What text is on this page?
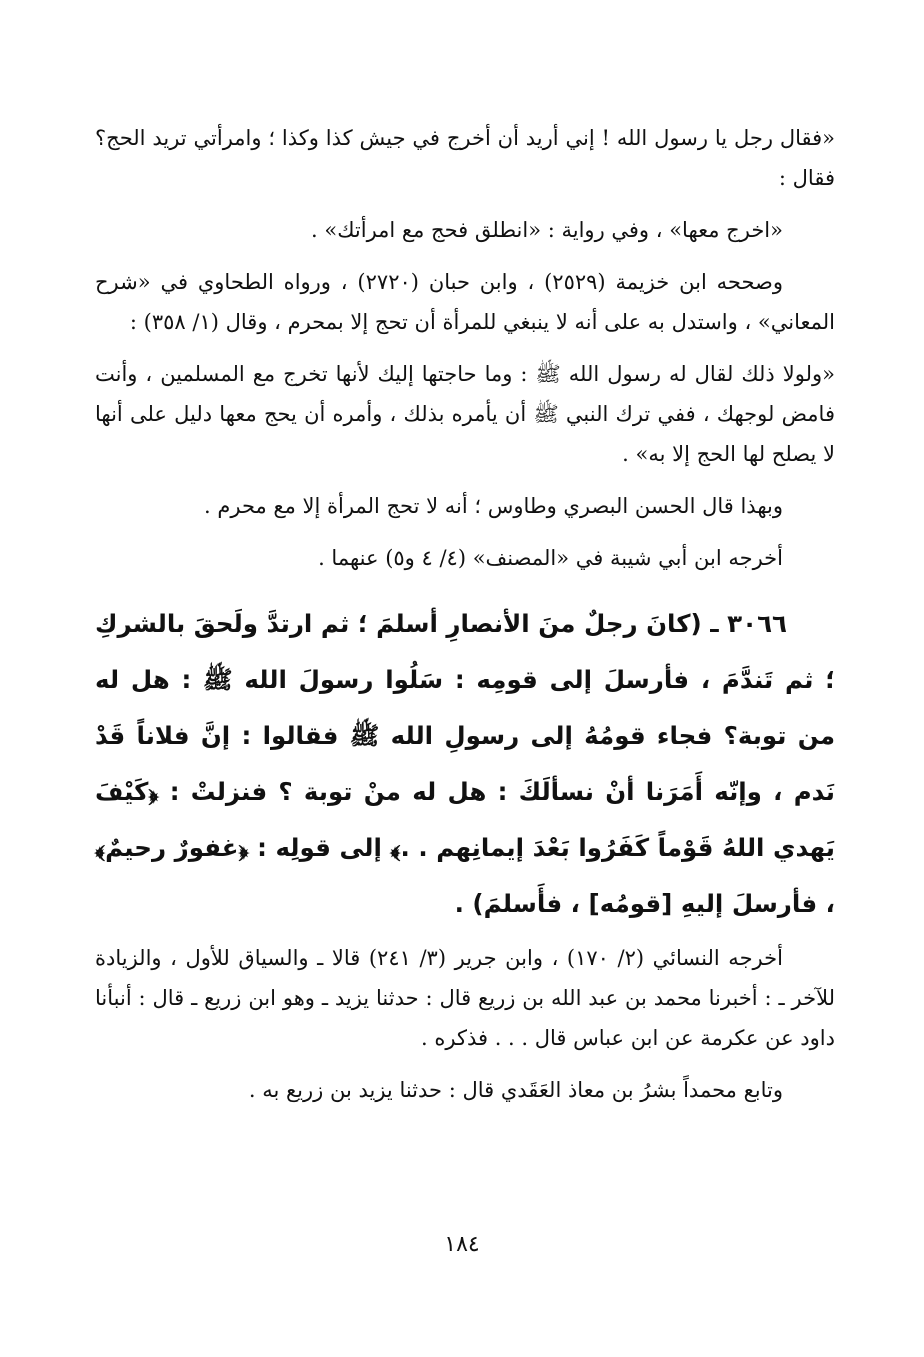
«فقال رجل يا رسول الله ! إني أريد أن أخرج في جيش كذا وكذا ؛ وامرأتي تريد الحج؟ فقال :

«اخرج معها» ، وفي رواية : «انطلق فحج مع امرأتك» .

وصححه ابن خزيمة (٢٥٢٩) ، وابن حبان (٢٧٢٠) ، ورواه الطحاوي في «شرح المعاني» ، واستدل به على أنه لا ينبغي للمرأة أن تحج إلا بمحرم ، وقال (١/ ٣٥٨) :

«ولولا ذلك لقال له رسول الله ﷺ : وما حاجتها إليك لأنها تخرج مع المسلمين ، وأنت فامض لوجهك ، ففي ترك النبي ﷺ أن يأمره بذلك ، وأمره أن يحج معها دليل على أنها لا يصلح لها الحج إلا به» .

وبهذا قال الحسن البصري وطاوس ؛ أنه لا تحج المرأة إلا مع محرم .

أخرجه ابن أبي شيبة في «المصنف» (٤/ ٤ و٥) عنهما .

٣٠٦٦ ـ (كانَ رجلٌ منَ الأنصارِ أسلمَ ؛ ثم ارتدَّ ولَحقَ بالشركِ ؛ ثم تَندَّمَ ، فأرسلَ إلى قومِه : سَلُوا رسولَ الله ﷺ : هل له من توبة؟ فجاء قومُهُ إلى رسولِ الله ﷺ فقالوا : إنَّ فلاناً قَدْ نَدم ، وإنّه أَمَرَنا أنْ نسألَكَ : هل له منْ توبة ؟ فنزلتْ : ﴿كَيْفَ يَهدي اللهُ قَوْماً كَفَرُوا بَعْدَ إيمانِهم . .﴾ إلى قولِه : ﴿غفورٌ رحيمٌ﴾ ، فأرسلَ إليهِ [قومُه] ، فأَسلمَ) .

أخرجه النسائي (٢/ ١٧٠) ، وابن جرير (٣/ ٢٤١) قالا ـ والسياق للأول ، والزيادة للآخر ـ : أخبرنا محمد بن عبد الله بن زريع قال : حدثنا يزيد ـ وهو ابن زريع ـ قال : أنبأنا داود عن عكرمة عن ابن عباس قال . . . فذكره .

وتابع محمداً بشرُ بن معاذ العَقَدي قال : حدثنا يزيد بن زريع به .

١٨٤
